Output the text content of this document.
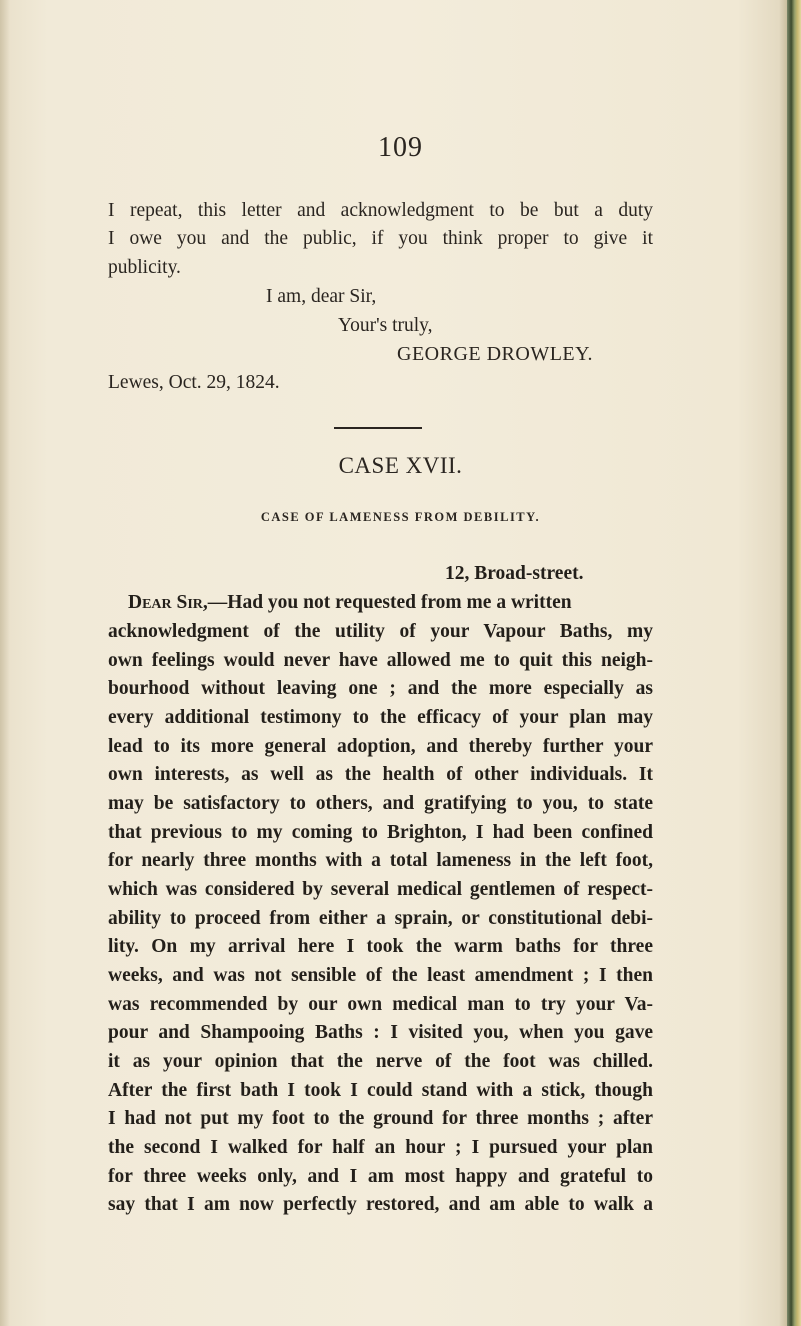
109
I repeat, this letter and acknowledgment to be but a duty
I owe you and the public, if you think proper to give it
publicity.
I am, dear Sir,
Your's truly,
GEORGE DROWLEY.
Lewes, Oct. 29, 1824.
CASE XVII.
CASE OF LAMENESS FROM DEBILITY.
12, Broad-street.
Dear Sir,—Had you not requested from me a written
acknowledgment of the utility of your Vapour Baths, my
own feelings would never have allowed me to quit this neigh-
bourhood without leaving one ; and the more especially as
every additional testimony to the efficacy of your plan may
lead to its more general adoption, and thereby further your
own interests, as well as the health of other individuals. It
may be satisfactory to others, and gratifying to you, to state
that previous to my coming to Brighton, I had been confined
for nearly three months with a total lameness in the left foot,
which was considered by several medical gentlemen of respect-
ability to proceed from either a sprain, or constitutional debi-
lity. On my arrival here I took the warm baths for three
weeks, and was not sensible of the least amendment ; I then
was recommended by our own medical man to try your Va-
pour and Shampooing Baths : I visited you, when you gave
it as your opinion that the nerve of the foot was chilled.
After the first bath I took I could stand with a stick, though
I had not put my foot to the ground for three months ; after
the second I walked for half an hour ; I pursued your plan
for three weeks only, and I am most happy and grateful to
say that I am now perfectly restored, and am able to walk a
